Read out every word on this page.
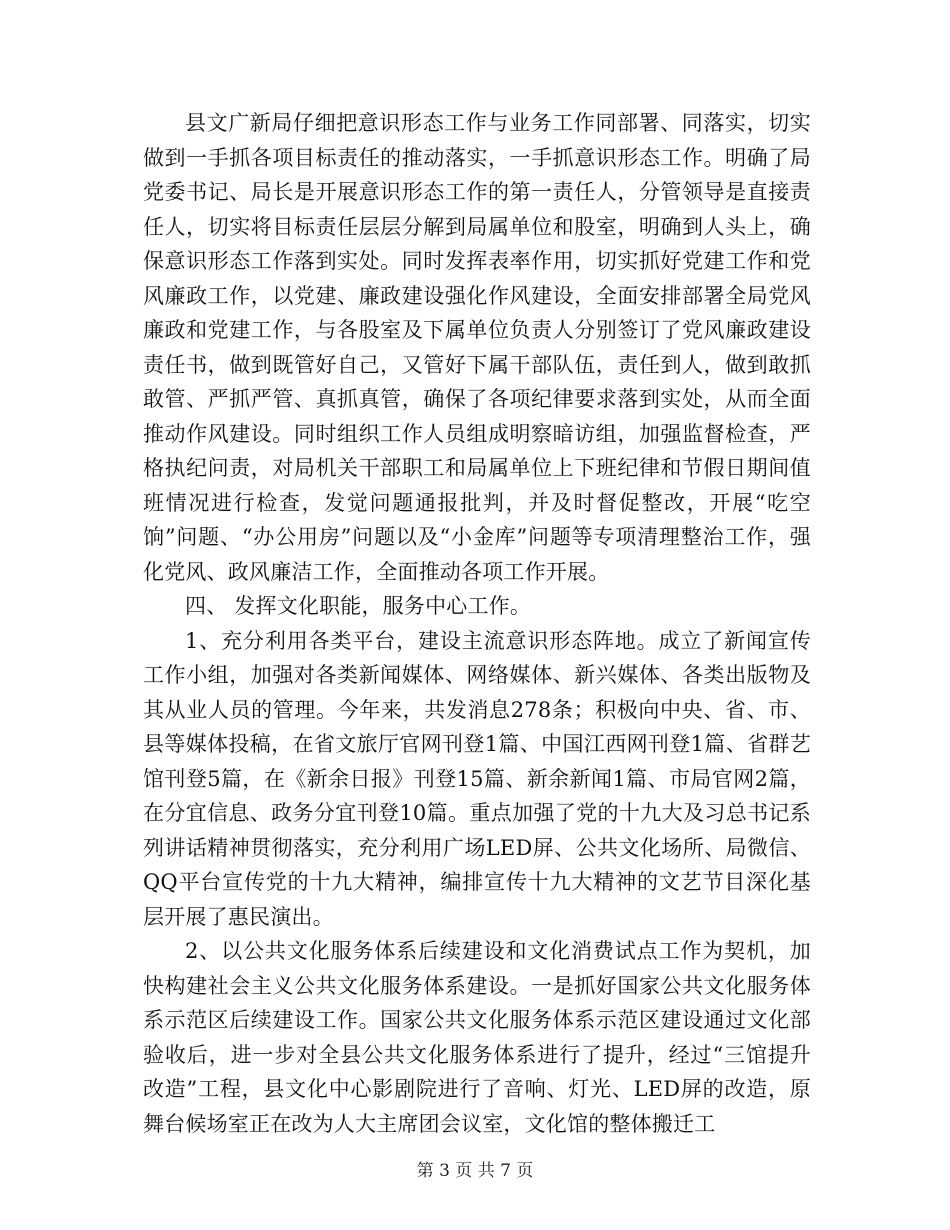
县文广新局仔细把意识形态工作与业务工作同部署、同落实，切实做到一手抓各项目标责任的推动落实，一手抓意识形态工作。明确了局党委书记、局长是开展意识形态工作的第一责任人，分管领导是直接责任人，切实将目标责任层层分解到局属单位和股室，明确到人头上，确保意识形态工作落到实处。同时发挥表率作用，切实抓好党建工作和党风廉政工作，以党建、廉政建设强化作风建设，全面安排部署全局党风廉政和党建工作，与各股室及下属单位负责人分别签订了党风廉政建设责任书，做到既管好自己，又管好下属干部队伍，责任到人，做到敢抓敢管、严抓严管、真抓真管，确保了各项纪律要求落到实处，从而全面推动作风建设。同时组织工作人员组成明察暗访组，加强监督检查，严格执纪问责，对局机关干部职工和局属单位上下班纪律和节假日期间值班情况进行检查，发觉问题通报批判，并及时督促整改，开展“吃空饷”问题、“办公用房”问题以及“小金库”问题等专项清理整治工作，强化党风、政风廉洁工作，全面推动各项工作开展。

四、 发挥文化职能，服务中心工作。

1、充分利用各类平台，建设主流意识形态阵地。成立了新闻宣传工作小组，加强对各类新闻媒体、网络媒体、新兴媒体、各类出版物及其从业人员的管理。今年来，共发消息278条；积极向中央、省、市、县等媒体投稿，在省文旅厅官网刊登1篇、中国江西网刊登1篇、省群艺馆刊登5篇，在《新余日报》刊登15篇、新余新闻1篇、市局官网2篇，在分宜信息、政务分宜刊登10篇。重点加强了党的十九大及习总书记系列讲话精神贯彻落实，充分利用广场LED屏、公共文化场所、局微信、QQ平台宣传党的十九大精神，编排宣传十九大精神的文艺节目深化基层开展了惠民演出。

2、以公共文化服务体系后续建设和文化消费试点工作为契机，加快构建社会主义公共文化服务体系建设。一是抓好国家公共文化服务体系示范区后续建设工作。国家公共文化服务体系示范区建设通过文化部验收后，进一步对全县公共文化服务体系进行了提升，经过“三馆提升改造”工程，县文化中心影剧院进行了音响、灯光、LED屏的改造，原舞台候场室正在改为人大主席团会议室，文化馆的整体搬迁工

第 3 页 共 7 页
